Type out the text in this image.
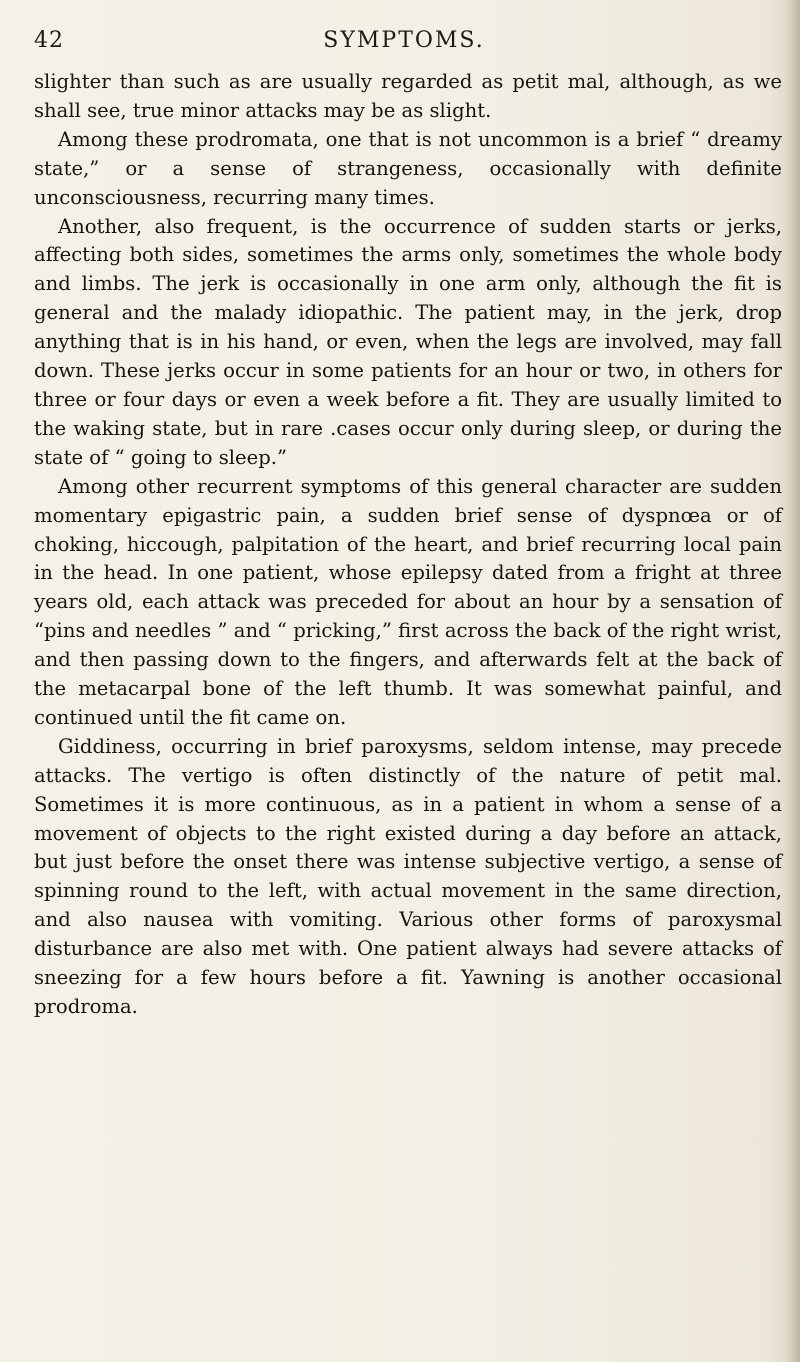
42	SYMPTOMS.

slighter than such as are usually regarded as petit mal, although, as we shall see, true minor attacks may be as slight.

Among these prodromata, one that is not uncommon is a brief “ dreamy state,” or a sense of strangeness, occasionally with definite unconsciousness, recurring many times.

Another, also frequent, is the occurrence of sudden starts or jerks, affecting both sides, sometimes the arms only, sometimes the whole body and limbs. The jerk is occasionally in one arm only, although the fit is general and the malady idiopathic. The patient may, in the jerk, drop anything that is in his hand, or even, when the legs are involved, may fall down. These jerks occur in some patients for an hour or two, in others for three or four days or even a week before a fit. They are usually limited to the waking state, but in rare .cases occur only during sleep, or during the state of “ going to sleep.”

Among other recurrent symptoms of this general character are sudden momentary epigastric pain, a sudden brief sense of dyspnœa or of choking, hiccough, palpitation of the heart, and brief recurring local pain in the head. In one patient, whose epilepsy dated from a fright at three years old, each attack was preceded for about an hour by a sensation of “pins and needles ” and “ pricking,” first across the back of the right wrist, and then passing down to the fingers, and afterwards felt at the back of the metacarpal bone of the left thumb. It was somewhat painful, and continued until the fit came on.

Giddiness, occurring in brief paroxysms, seldom intense, may precede attacks. The vertigo is often distinctly of the nature of petit mal. Sometimes it is more continuous, as in a patient in whom a sense of a movement of objects to the right existed during a day before an attack, but just before the onset there was intense subjective vertigo, a sense of spinning round to the left, with actual movement in the same direction, and also nausea with vomiting. Various other forms of paroxysmal disturbance are also met with. One patient always had severe attacks of sneezing for a few hours before a fit. Yawning is another occasional prodroma.
